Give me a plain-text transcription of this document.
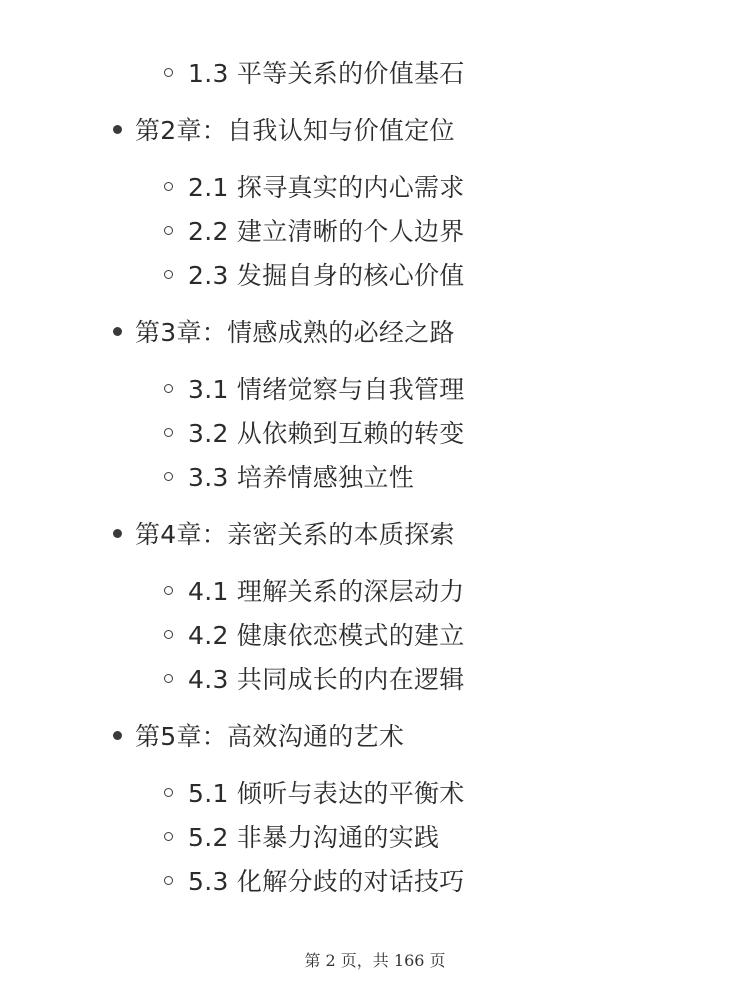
1.3 平等关系的价值基石
第2章：自我认知与价值定位
2.1 探寻真实的内心需求
2.2 建立清晰的个人边界
2.3 发掘自身的核心价值
第3章：情感成熟的必经之路
3.1 情绪觉察与自我管理
3.2 从依赖到互赖的转变
3.3 培养情感独立性
第4章：亲密关系的本质探索
4.1 理解关系的深层动力
4.2 健康依恋模式的建立
4.3 共同成长的内在逻辑
第5章：高效沟通的艺术
5.1 倾听与表达的平衡术
5.2 非暴力沟通的实践
5.3 化解分歧的对话技巧
第 2 页，共 166 页
